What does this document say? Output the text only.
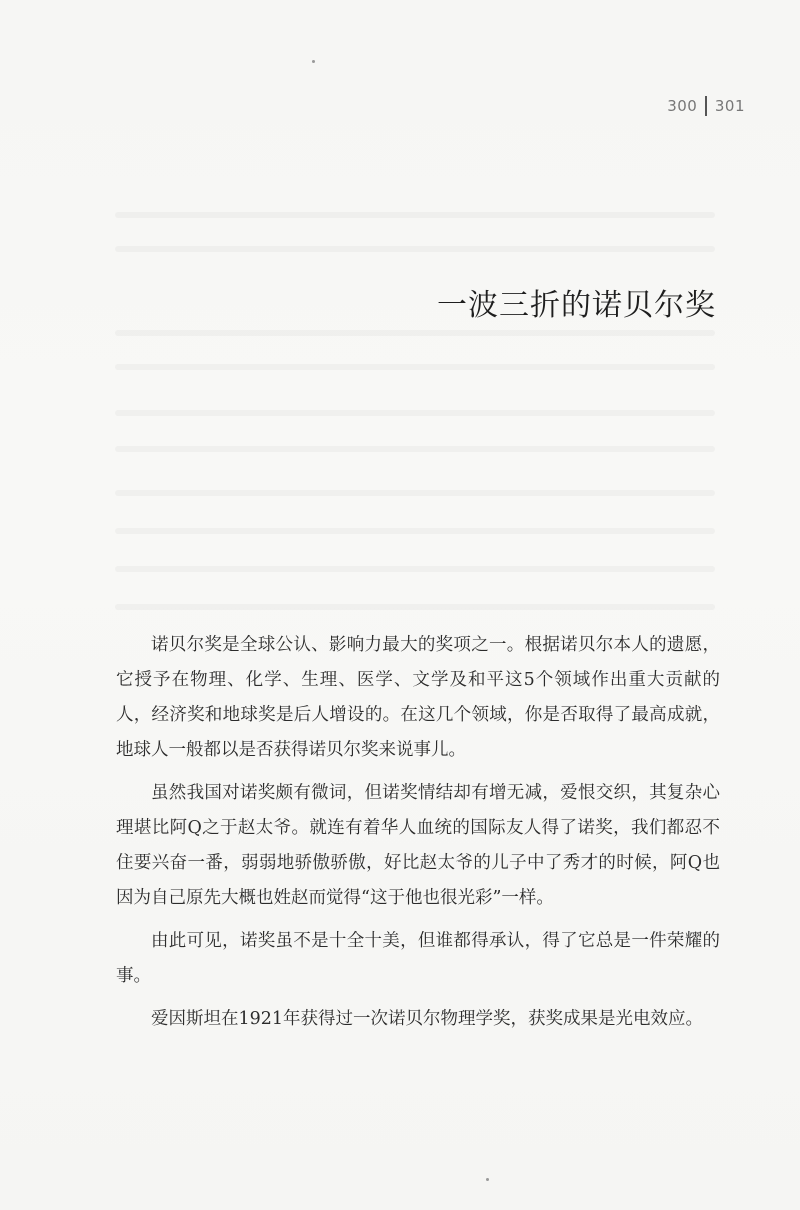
300 301
一波三折的诺贝尔奖

诺贝尔奖是全球公认、影响力最大的奖项之一。根据诺贝尔本人的遗愿，它授予在物理、化学、生理、医学、文学及和平这5个领域作出重大贡献的人，经济奖和地球奖是后人增设的。在这几个领域，你是否取得了最高成就，地球人一般都以是否获得诺贝尔奖来说事儿。

虽然我国对诺奖颇有微词，但诺奖情结却有增无减，爱恨交织，其复杂心理堪比阿Q之于赵太爷。就连有着华人血统的国际友人得了诺奖，我们都忍不住要兴奋一番，弱弱地骄傲骄傲，好比赵太爷的儿子中了秀才的时候，阿Q也因为自己原先大概也姓赵而觉得“这于他也很光彩”一样。

由此可见，诺奖虽不是十全十美，但谁都得承认，得了它总是一件荣耀的事。

爱因斯坦在1921年获得过一次诺贝尔物理学奖，获奖成果是光电效应。
